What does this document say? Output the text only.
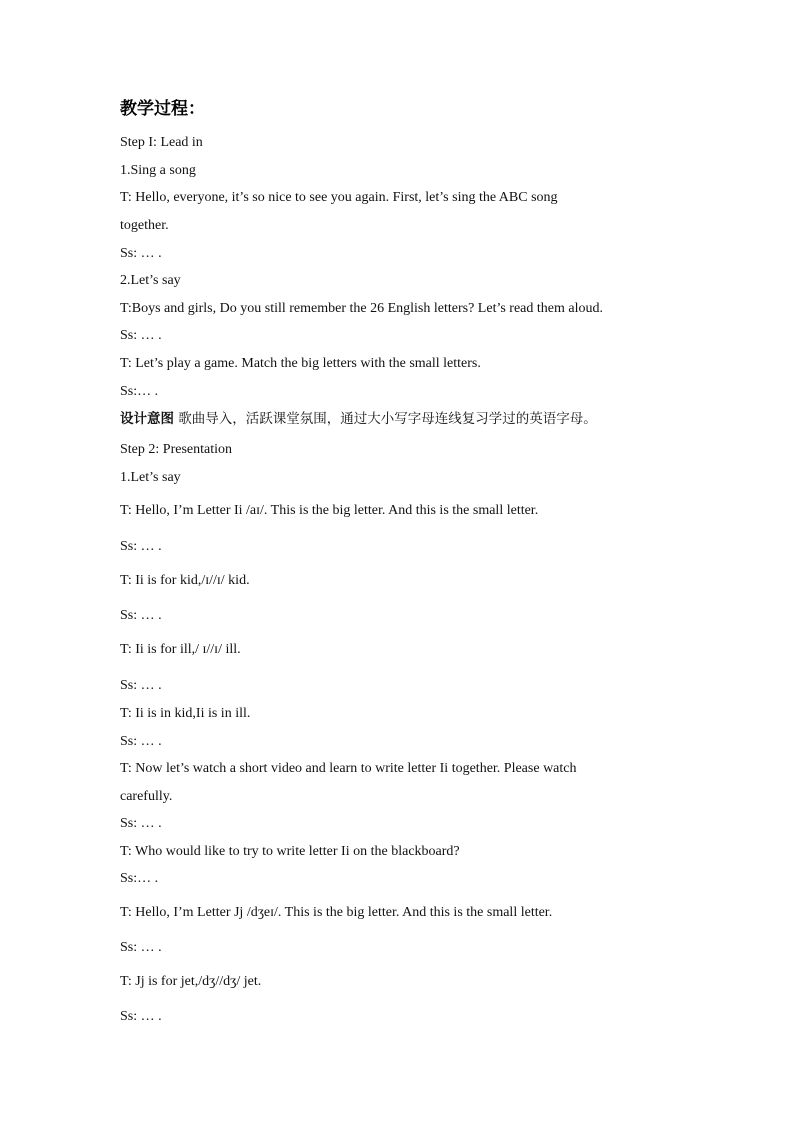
教学过程：
Step I: Lead in
1.Sing a song
T: Hello, everyone, it’s so nice to see you again. First, let’s sing the ABC song
together.
Ss: … .
2.Let’s say
T:Boys and girls, Do you still remember the 26 English letters? Let’s read them aloud.
Ss: … .
T: Let’s play a game. Match the big letters with the small letters.
Ss:… .
设计意图 歌曲导入，活跃课堂氛围，通过大小写字母连线复习学过的英语字母。
Step 2: Presentation
1.Let’s say
T: Hello, I’m Letter Ii /aɪ/. This is the big letter. And this is the small letter.
Ss: … .
T: Ii is for kid,/ɪ//ɪ/ kid.
Ss: … .
T: Ii is for ill,/ ɪ//ɪ/ ill.
Ss: … .
T: Ii is in kid,Ii is in ill.
Ss: … .
T: Now let’s watch a short video and learn to write letter Ii together. Please watch
carefully.
Ss: … .
T: Who would like to try to write letter Ii on the blackboard?
Ss:… .
T: Hello, I’m Letter Jj /dʒeɪ/. This is the big letter. And this is the small letter.
Ss: … .
T: Jj is for jet,/dʒ//dʒ/ jet.
Ss: … .
